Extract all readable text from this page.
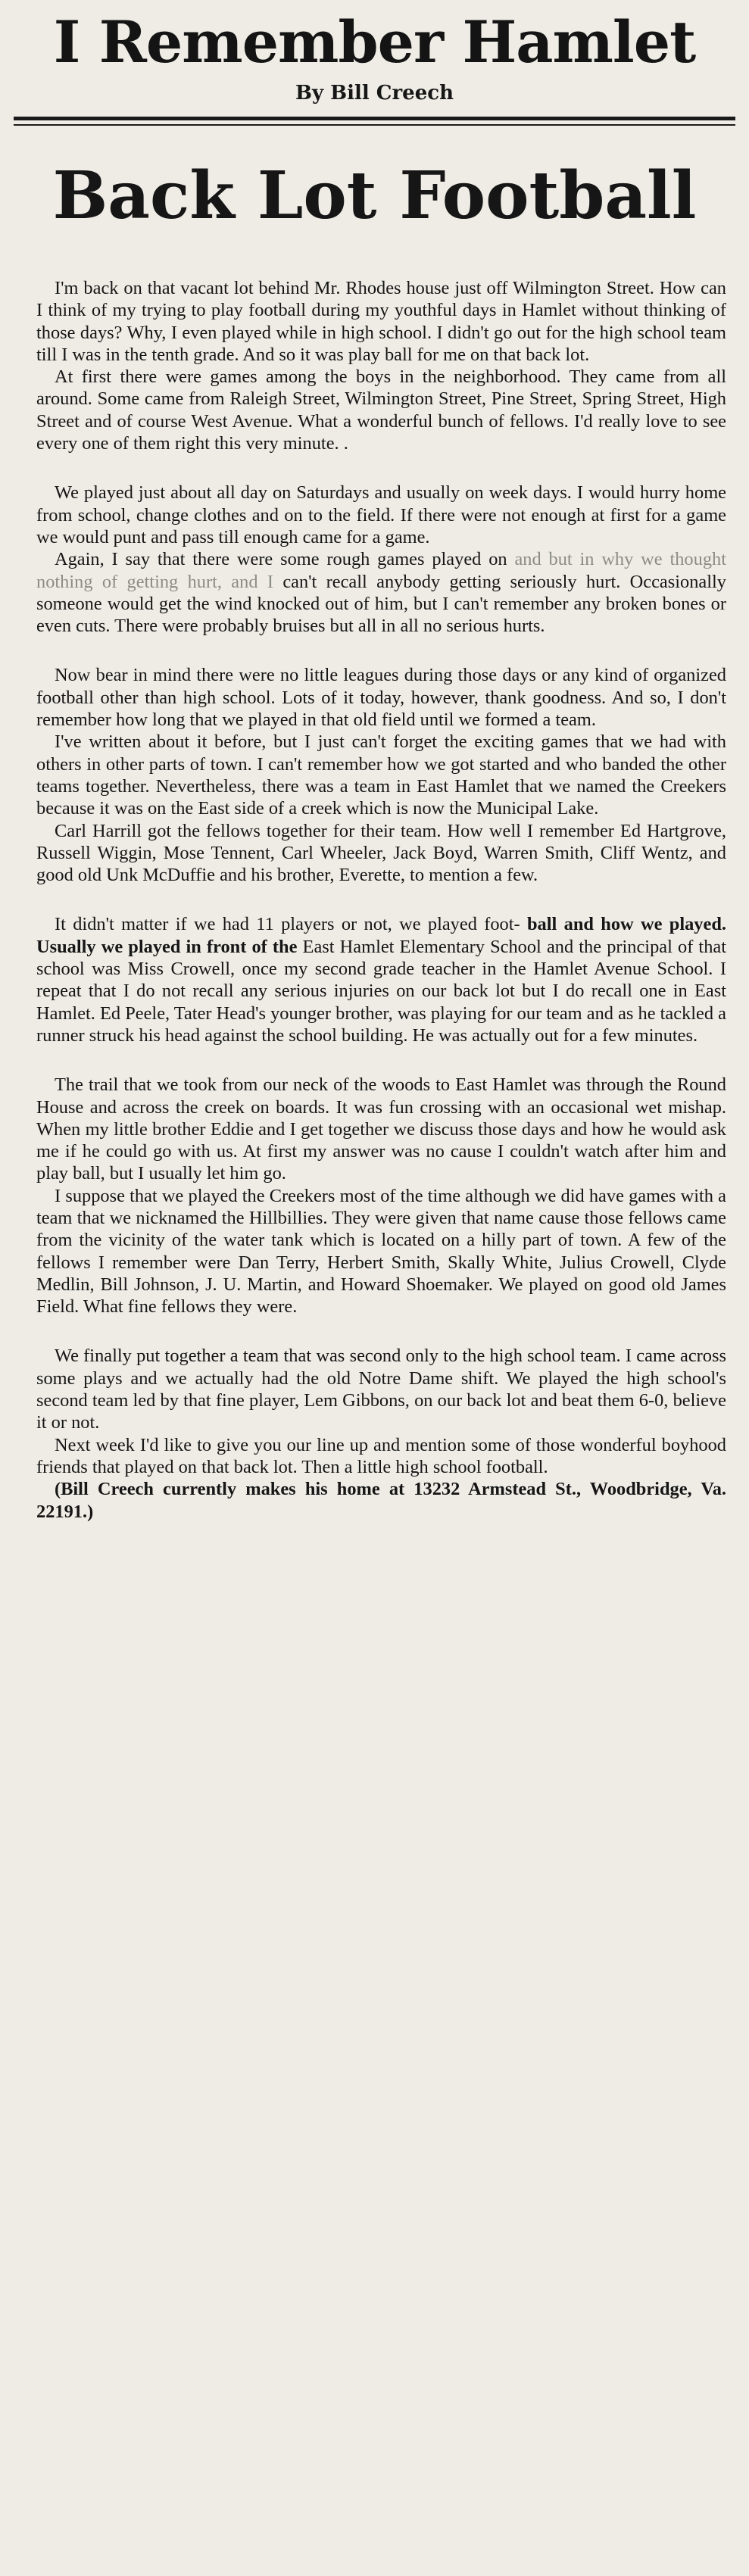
I Remember Hamlet
By Bill Creech
Back Lot Football

I'm back on that vacant lot behind Mr. Rhodes house just off Wilmington Street. How can I think of my trying to play football during my youthful days in Hamlet without thinking of those days? Why, I even played while in high school. I didn't go out for the high school team till I was in the tenth grade. And so it was play ball for me on that back lot.

At first there were games among the boys in the neighborhood. They came from all around. Some came from Raleigh Street, Wilmington Street, Pine Street, Spring Street, High Street and of course West Avenue. What a wonderful bunch of fellows. I'd really love to see every one of them right this very minute. .

We played just about all day on Saturdays and usually on week days. I would hurry home from school, change clothes and on to the field. If there were not enough at first for a game we would punt and pass till enough came for a game.

Again, I say that there were some rough games played on and but in why we thought nothing of getting hurt, and I can't recall anybody getting seriously hurt. Occasionally someone would get the wind knocked out of him, but I can't remember any broken bones or even cuts. There were probably bruises but all in all no serious hurts.

Now bear in mind there were no little leagues during those days or any kind of organized football other than high school. Lots of it today, however, thank goodness. And so, I don't remember how long that we played in that old field until we formed a team.

I've written about it before, but I just can't forget the exciting games that we had with others in other parts of town. I can't remember how we got started and who banded the other teams together. Nevertheless, there was a team in East Hamlet that we named the Creekers because it was on the East side of a creek which is now the Municipal Lake.

Carl Harrill got the fellows together for their team. How well I remember Ed Hartgrove, Russell Wiggin, Mose Tennent, Carl Wheeler, Jack Boyd, Warren Smith, Cliff Wentz, and good old Unk McDuffie and his brother, Everette, to mention a few.

It didn't matter if we had 11 players or not, we played foot- ball and how we played. Usually we played in front of the East Hamlet Elementary School and the principal of that school was Miss Crowell, once my second grade teacher in the Hamlet Avenue School. I repeat that I do not recall any serious injuries on our back lot but I do recall one in East Hamlet. Ed Peele, Tater Head's younger brother, was playing for our team and as he tackled a runner struck his head against the school building. He was actually out for a few minutes.

The trail that we took from our neck of the woods to East Hamlet was through the Round House and across the creek on boards. It was fun crossing with an occasional wet mishap. When my little brother Eddie and I get together we discuss those days and how he would ask me if he could go with us. At first my answer was no cause I couldn't watch after him and play ball, but I usually let him go.

I suppose that we played the Creekers most of the time although we did have games with a team that we nicknamed the Hillbillies. They were given that name cause those fellows came from the vicinity of the water tank which is located on a hilly part of town. A few of the fellows I remember were Dan Terry, Herbert Smith, Skally White, Julius Crowell, Clyde Medlin, Bill Johnson, J. U. Martin, and Howard Shoemaker. We played on good old James Field. What fine fellows they were.

We finally put together a team that was second only to the high school team. I came across some plays and we actually had the old Notre Dame shift. We played the high school's second team led by that fine player, Lem Gibbons, on our back lot and beat them 6-0, believe it or not.

Next week I'd like to give you our line up and mention some of those wonderful boyhood friends that played on that back lot. Then a little high school football.

(Bill Creech currently makes his home at 13232 Armstead St., Woodbridge, Va. 22191.)
